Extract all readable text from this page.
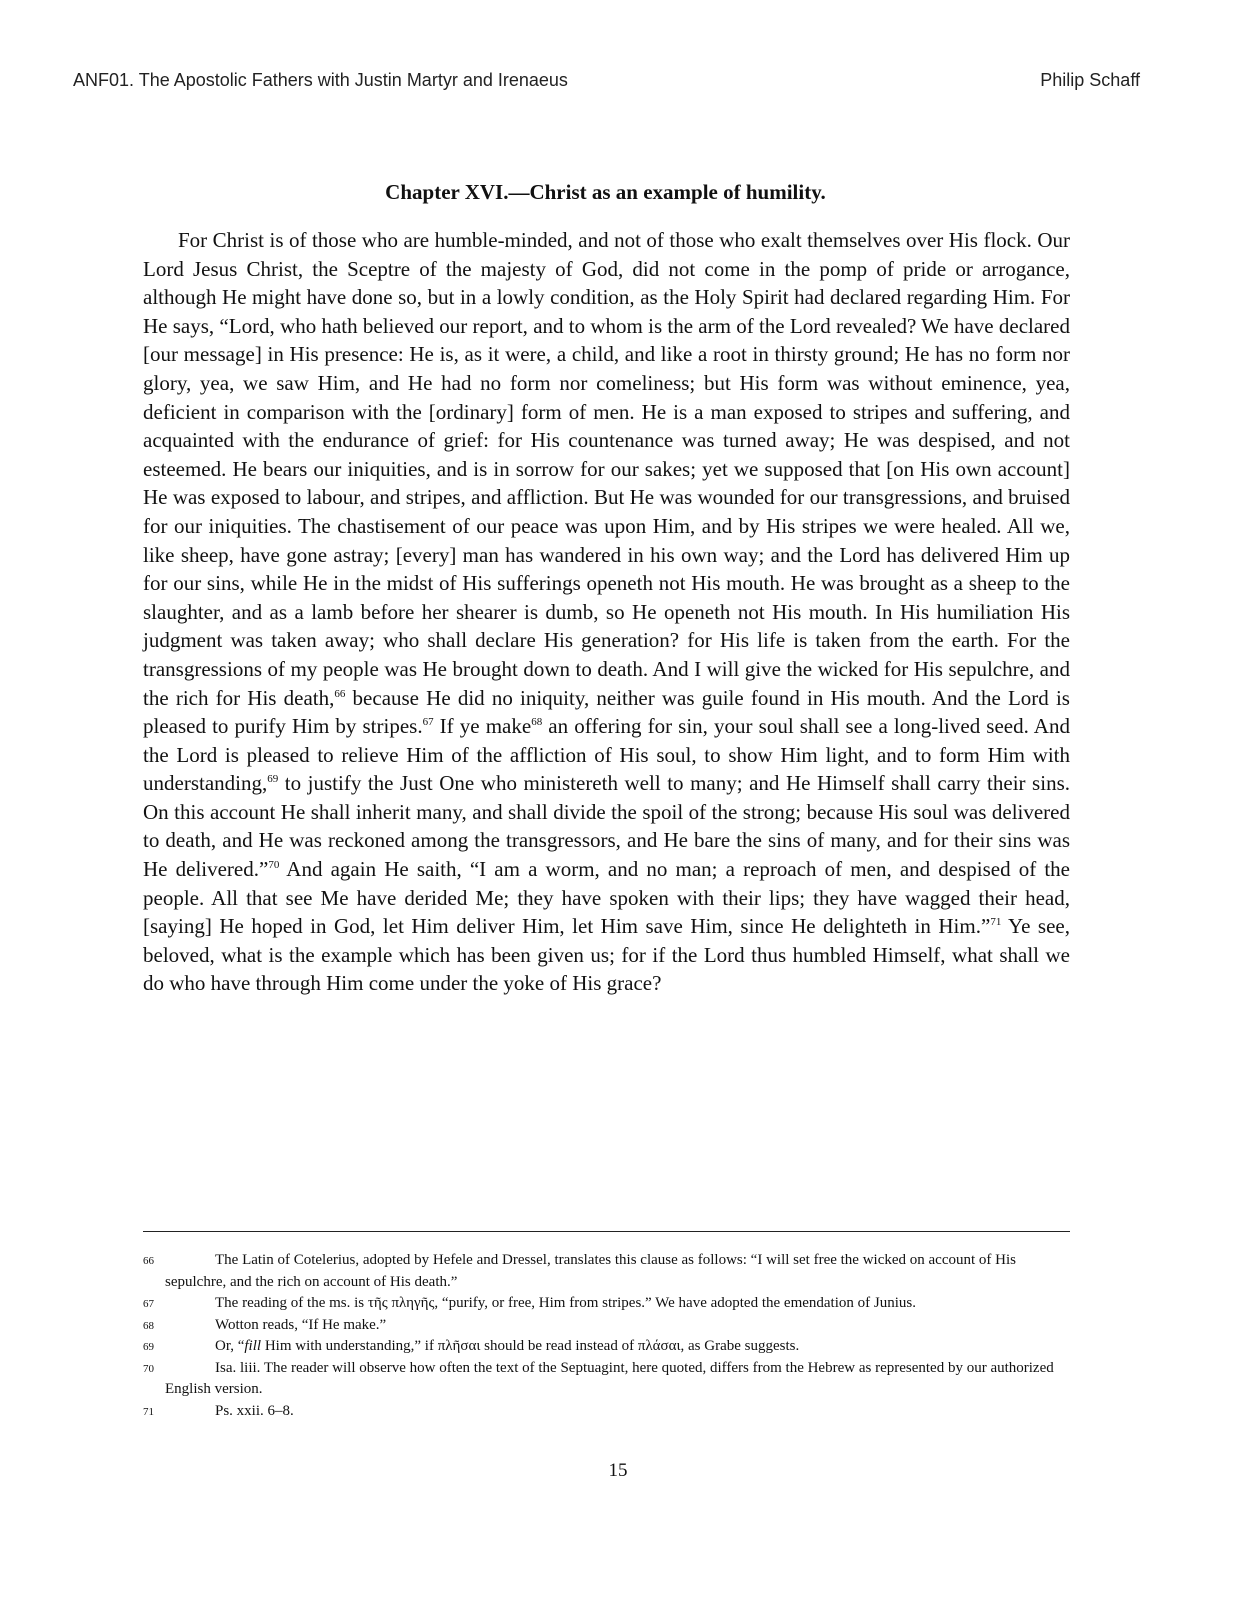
ANF01. The Apostolic Fathers with Justin Martyr and Irenaeus	Philip Schaff
Chapter XVI.—Christ as an example of humility.

For Christ is of those who are humble-minded, and not of those who exalt themselves over His flock. Our Lord Jesus Christ, the Sceptre of the majesty of God, did not come in the pomp of pride or arrogance, although He might have done so, but in a lowly condition, as the Holy Spirit had declared regarding Him. For He says, “Lord, who hath believed our report, and to whom is the arm of the Lord revealed? We have declared [our message] in His presence: He is, as it were, a child, and like a root in thirsty ground; He has no form nor glory, yea, we saw Him, and He had no form nor comeliness; but His form was without eminence, yea, deficient in comparison with the [ordinary] form of men. He is a man exposed to stripes and suffering, and acquainted with the endurance of grief: for His countenance was turned away; He was despised, and not esteemed. He bears our iniquities, and is in sorrow for our sakes; yet we supposed that [on His own account] He was exposed to labour, and stripes, and affliction. But He was wounded for our transgressions, and bruised for our iniquities. The chastisement of our peace was upon Him, and by His stripes we were healed. All we, like sheep, have gone astray; [every] man has wandered in his own way; and the Lord has delivered Him up for our sins, while He in the midst of His sufferings openeth not His mouth. He was brought as a sheep to the slaughter, and as a lamb before her shearer is dumb, so He openeth not His mouth. In His humiliation His judgment was taken away; who shall declare His generation? for His life is taken from the earth. For the transgressions of my people was He brought down to death. And I will give the wicked for His sepulchre, and the rich for His death,$^{66}$ because He did no iniquity, neither was guile found in His mouth. And the Lord is pleased to purify Him by stripes.$^{67}$ If ye make$^{68}$ an offering for sin, your soul shall see a long-lived seed. And the Lord is pleased to relieve Him of the affliction of His soul, to show Him light, and to form Him with understanding,$^{69}$ to justify the Just One who ministereth well to many; and He Himself shall carry their sins. On this account He shall inherit many, and shall divide the spoil of the strong; because His soul was delivered to death, and He was reckoned among the transgressors, and He bare the sins of many, and for their sins was He delivered.”$^{70}$ And again He saith, “I am a worm, and no man; a reproach of men, and despised of the people. All that see Me have derided Me; they have spoken with their lips; they have wagged their head, [saying] He hoped in God, let Him deliver Him, let Him save Him, since He delighteth in Him.”$^{71}$ Ye see, beloved, what is the example which has been given us; for if the Lord thus humbled Himself, what shall we do who have through Him come under the yoke of His grace?

66	The Latin of Cotelerius, adopted by Hefele and Dressel, translates this clause as follows: “I will set free the wicked on account of His sepulchre, and the rich on account of His death.”
67	The reading of the ms. is τῆς πληγῆς, “purify, or free, Him from stripes.” We have adopted the emendation of Junius.
68	Wotton reads, “If He make.”
69	Or, “fill Him with understanding,” if πλῆσαι should be read instead of πλάσαι, as Grabe suggests.
70	Isa. liii. The reader will observe how often the text of the Septuagint, here quoted, differs from the Hebrew as represented by our authorized English version.
71	Ps. xxii. 6–8.
15
